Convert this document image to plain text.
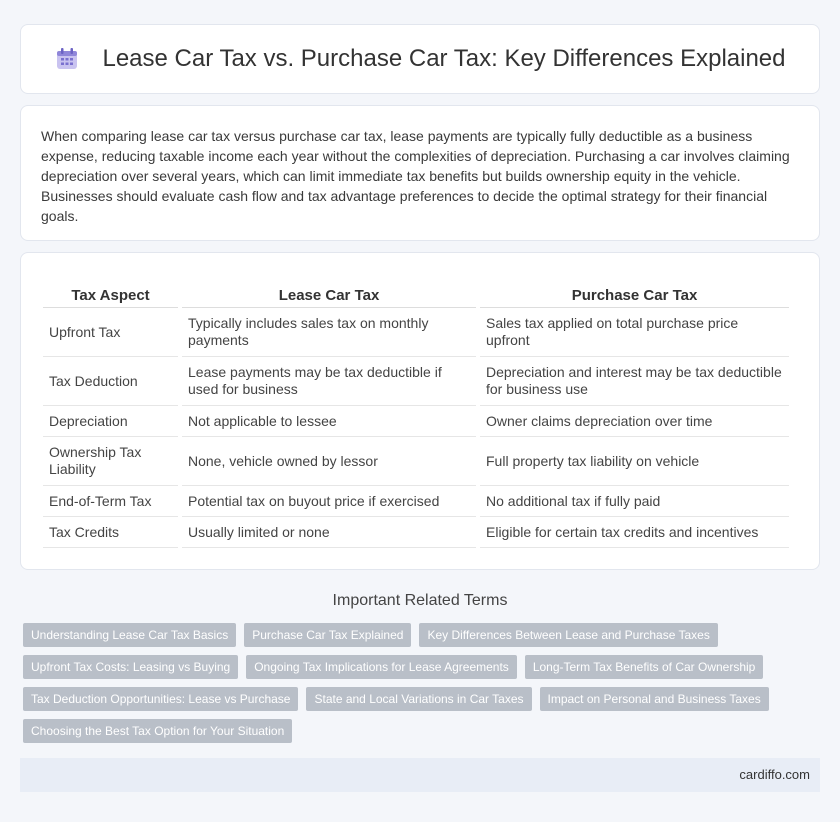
Lease Car Tax vs. Purchase Car Tax: Key Differences Explained

When comparing lease car tax versus purchase car tax, lease payments are typically fully deductible as a business expense, reducing taxable income each year without the complexities of depreciation. Purchasing a car involves claiming depreciation over several years, which can limit immediate tax benefits but builds ownership equity in the vehicle. Businesses should evaluate cash flow and tax advantage preferences to decide the optimal strategy for their financial goals.

Tax Aspect	Lease Car Tax	Purchase Car Tax
Upfront Tax	Typically includes sales tax on monthly payments	Sales tax applied on total purchase price upfront
Tax Deduction	Lease payments may be tax deductible if used for business	Depreciation and interest may be tax deductible for business use
Depreciation	Not applicable to lessee	Owner claims depreciation over time
Ownership Tax Liability	None, vehicle owned by lessor	Full property tax liability on vehicle
End-of-Term Tax	Potential tax on buyout price if exercised	No additional tax if fully paid
Tax Credits	Usually limited or none	Eligible for certain tax credits and incentives
Important Related Terms
Understanding Lease Car Tax Basics	Purchase Car Tax Explained	Key Differences Between Lease and Purchase Taxes
Upfront Tax Costs: Leasing vs Buying	Ongoing Tax Implications for Lease Agreements	Long-Term Tax Benefits of Car Ownership
Tax Deduction Opportunities: Lease vs Purchase	State and Local Variations in Car Taxes	Impact on Personal and Business Taxes
Choosing the Best Tax Option for Your Situation
cardiffo.com
